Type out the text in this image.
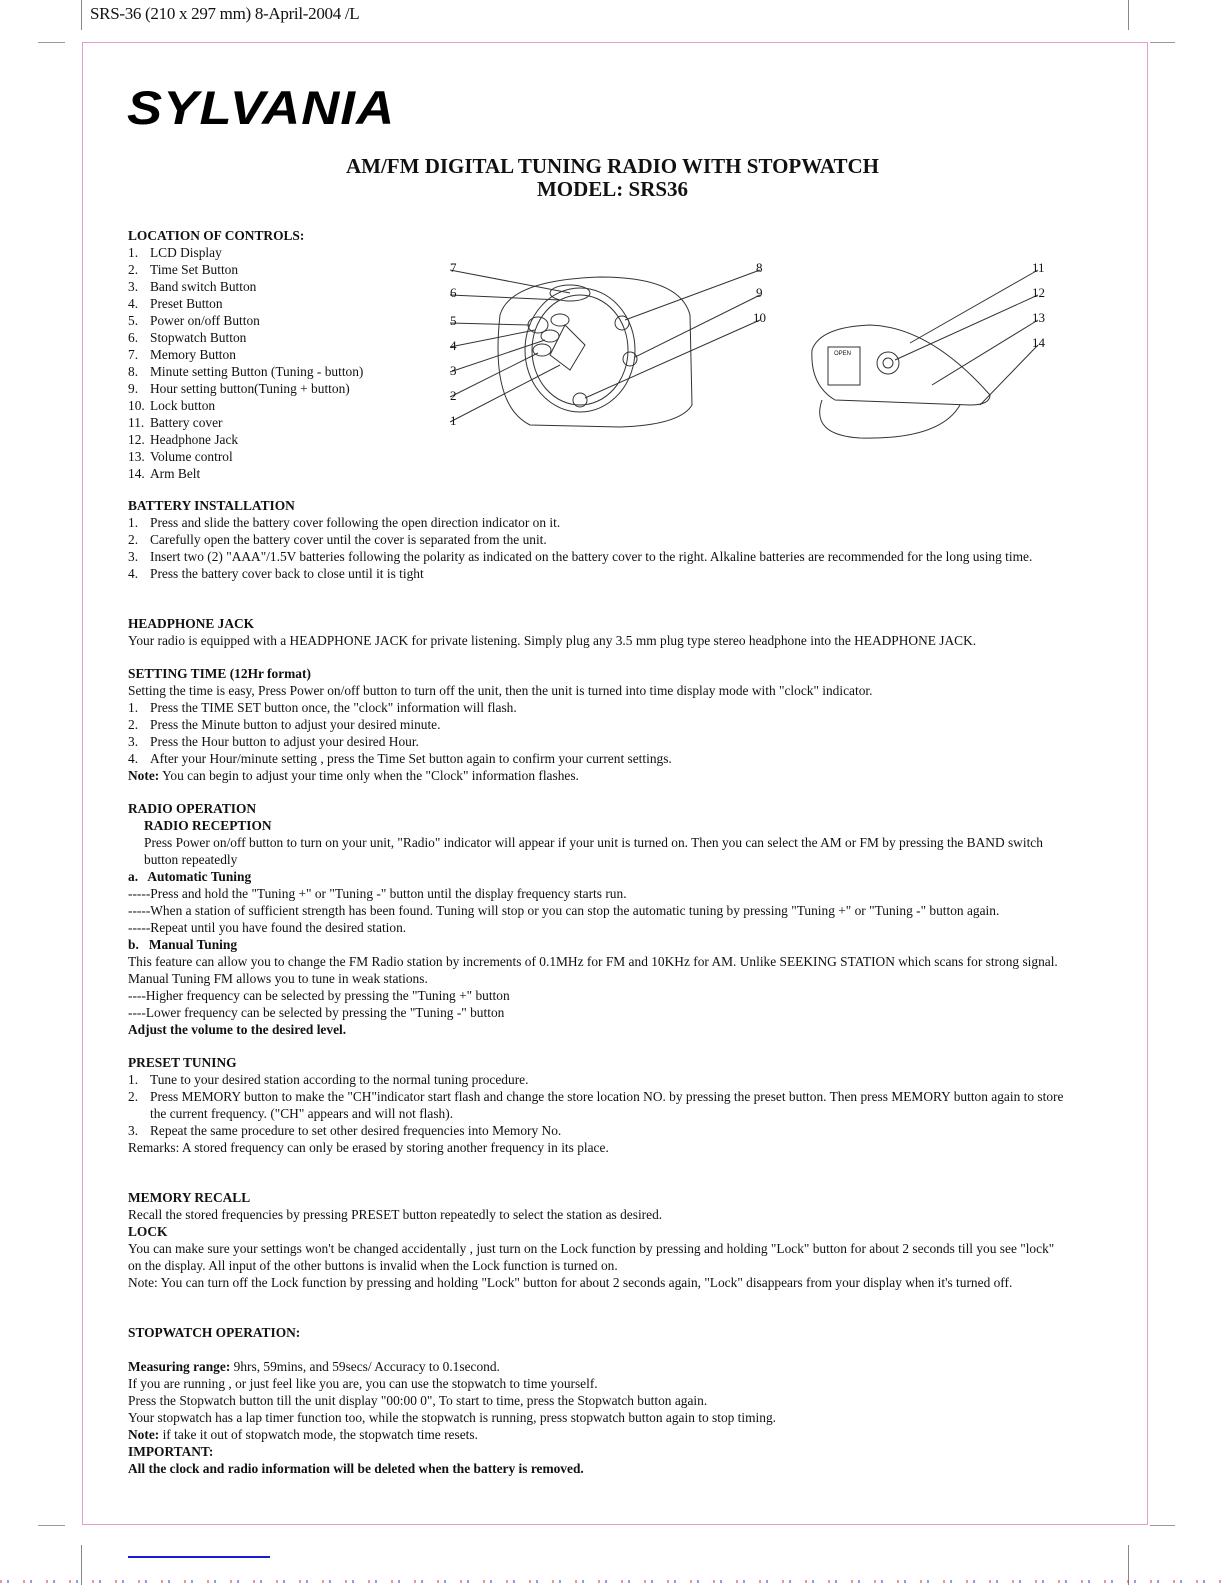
SRS-36 (210 x 297 mm) 8-April-2004 /L
SYLVANIA
AM/FM DIGITAL TUNING RADIO WITH STOPWATCH
MODEL: SRS36
LOCATION OF CONTROLS:
1. LCD Display
2. Time Set Button
3. Band switch Button
4. Preset Button
5. Power on/off Button
6. Stopwatch Button
7. Memory Button
8. Minute setting Button (Tuning - button)
9. Hour setting button(Tuning + button)
10. Lock button
11. Battery cover
12. Headphone Jack
13. Volume control
14. Arm Belt
OPEN
1
2
3
4
5
6
7	8
9
10
11
12
13
14
BATTERY INSTALLATION
1. Press and slide the battery cover following the open direction indicator on it.
2. Carefully open the battery cover until the cover is separated from the unit.
3. Insert two (2) "AAA"/1.5V batteries following the polarity as indicated on the battery cover to the right. Alkaline batteries are recommended for the long using time.
4. Press the battery cover back to close until it is tight
HEADPHONE JACK
Your radio is equipped with a HEADPHONE JACK for private listening. Simply plug any 3.5 mm plug type stereo headphone into the HEADPHONE JACK.
SETTING TIME (12Hr format)
Setting the time is easy, Press Power on/off button to turn off the unit, then the unit is turned into time display mode with "clock" indicator.
1. Press the TIME SET button once, the "clock" information will flash.
2. Press the Minute button to adjust your desired minute.
3. Press the Hour button to adjust your desired Hour.
4. After your Hour/minute setting , press the Time Set button again to confirm your current settings.
Note: You can begin to adjust your time only when the "Clock" information flashes.
RADIO OPERATION
RADIO RECEPTION
Press Power on/off button to turn on your unit, "Radio" indicator will appear if your unit is turned on. Then you can select the AM or FM by pressing the BAND switch button repeatedly
a.   Automatic Tuning
-----Press and hold the "Tuning +" or "Tuning -" button until the display frequency starts run.
-----When a station of sufficient strength has been found. Tuning will stop or you can stop the automatic tuning by pressing "Tuning +" or "Tuning -" button again.
-----Repeat until you have found the desired station.
b.   Manual Tuning
This feature can allow you to change the FM Radio station by increments of 0.1MHz for FM and 10KHz for AM. Unlike SEEKING STATION which scans for strong signal. Manual Tuning FM allows you to tune in weak stations.
----Higher frequency can be selected by pressing the "Tuning +" button
----Lower frequency can be selected by pressing the "Tuning -" button
Adjust the volume to the desired level.
PRESET TUNING
1. Tune to your desired station according to the normal tuning procedure.
2. Press MEMORY button to make the "CH"indicator start flash and change the store location NO. by pressing the preset button. Then press MEMORY button again to store the current frequency. ("CH" appears and will not flash).
3. Repeat the same procedure to set other desired frequencies into Memory No.
Remarks: A stored frequency can only be erased by storing another frequency in its place.
MEMORY RECALL
Recall the stored frequencies by pressing PRESET button repeatedly to select the station as desired.
LOCK
You can make sure your settings won't be changed accidentally , just turn on the Lock function by pressing and holding "Lock" button for about 2 seconds till you see "lock" on the display. All input of the other buttons is invalid when the Lock function is turned on.
Note: You can turn off the Lock function by pressing and holding "Lock" button for about 2 seconds again, "Lock" disappears from your display when it's turned off.
STOPWATCH OPERATION:
Measuring range: 9hrs, 59mins, and 59secs/ Accuracy to 0.1second.
If you are running , or just feel like you are, you can use the stopwatch to time yourself.
Press the Stopwatch button till the unit display "00:00 0", To start to time, press the Stopwatch button again.
Your stopwatch has a lap timer function too, while the stopwatch is running, press stopwatch button again to stop timing.
Note: if take it out of stopwatch mode, the stopwatch time resets.
IMPORTANT:
All the clock and radio information will be deleted when the battery is removed.
